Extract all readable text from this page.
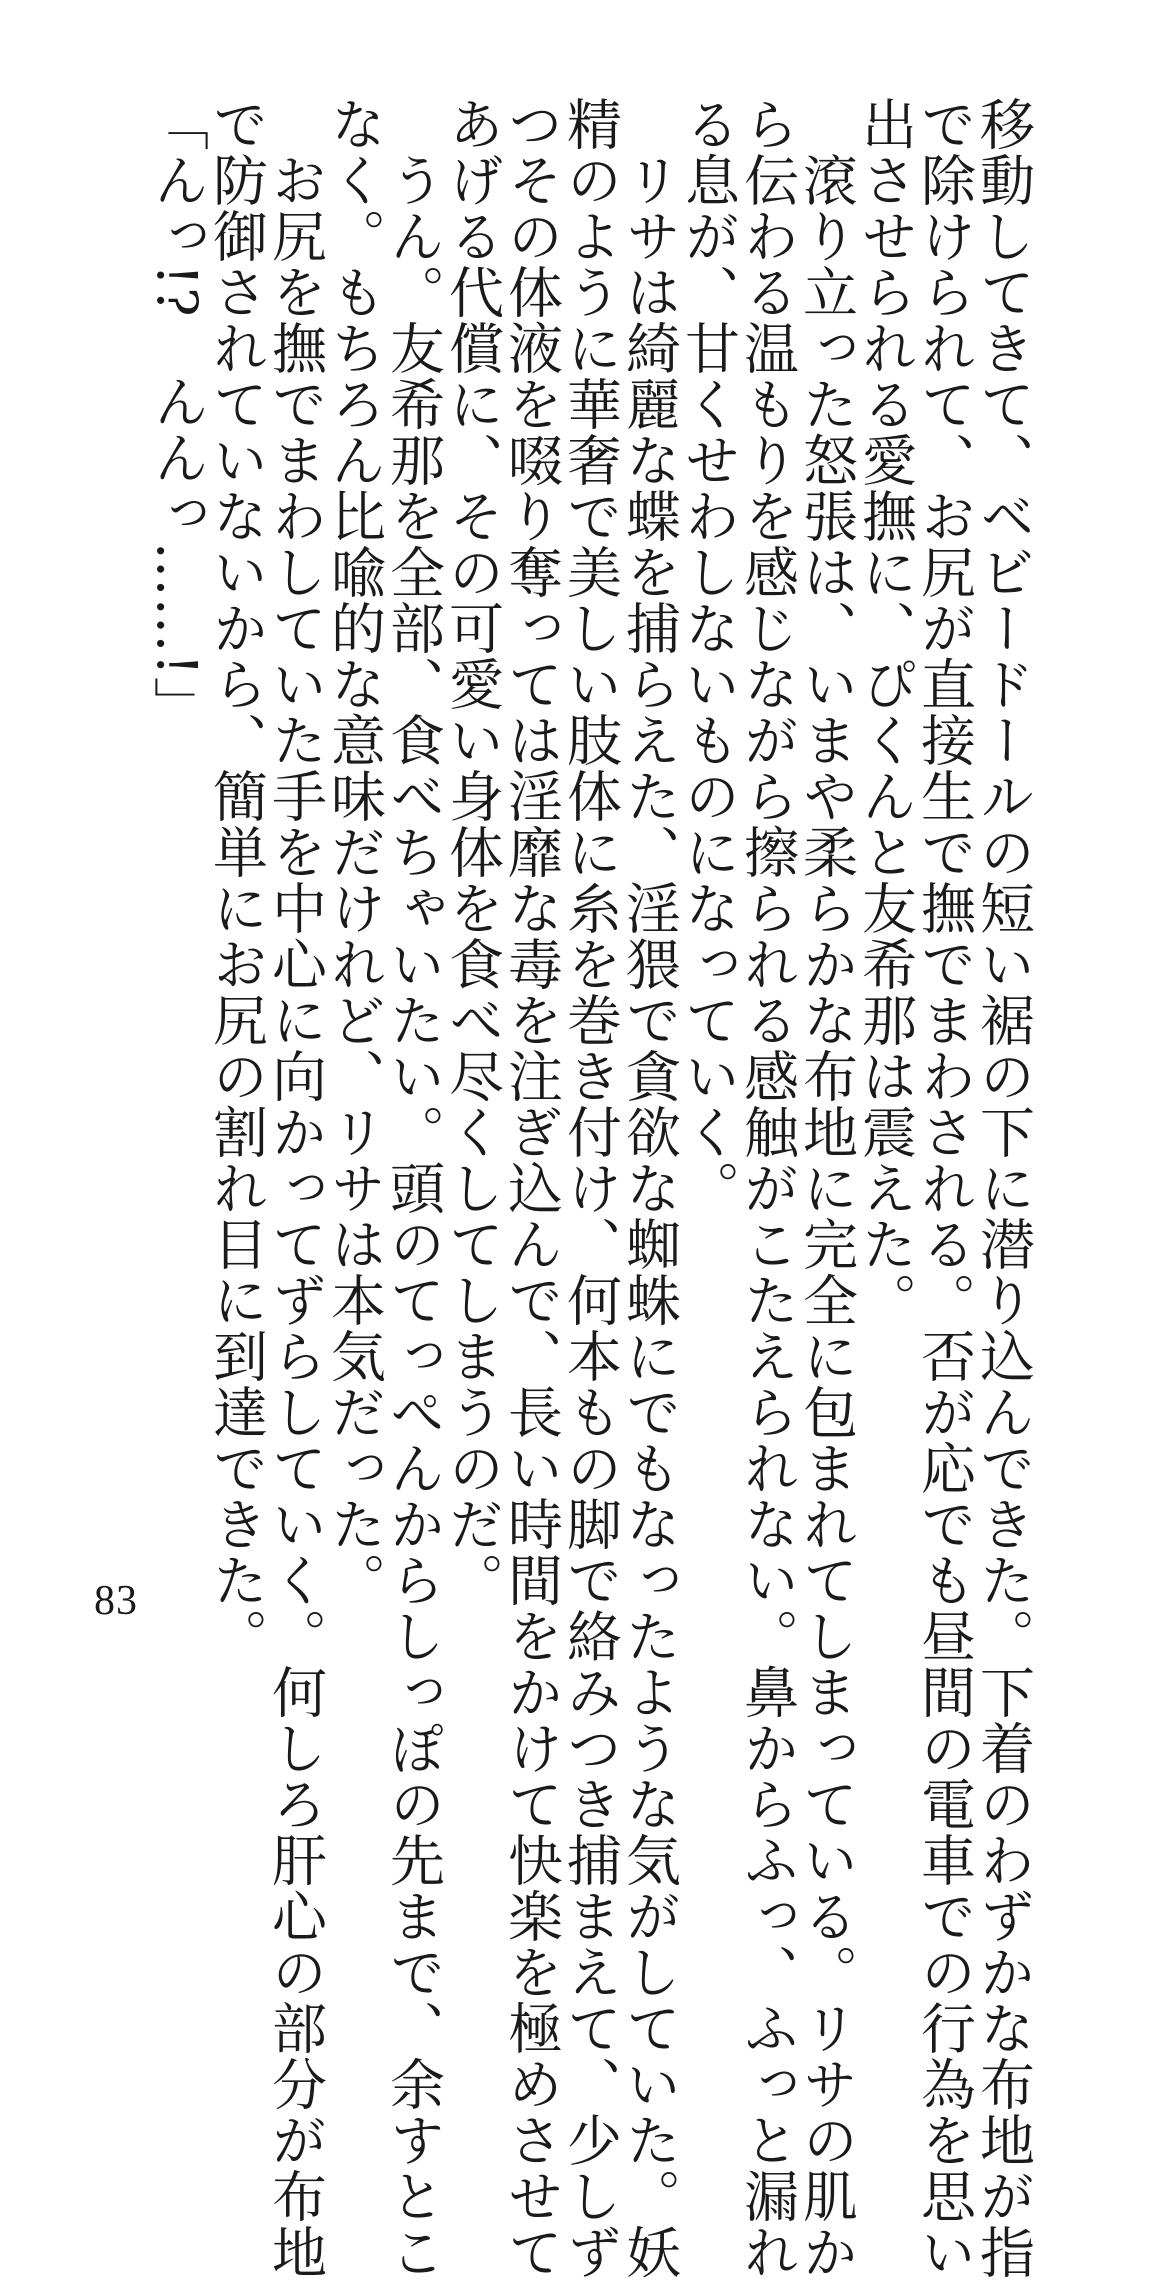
移動してきて、ベビードールの短い裾の下に潜り込んできた。下着のわずかな布地が指
で除けられて、お尻が直接生で撫でまわされる。否が応でも昼間の電車での行為を思い
出させられる愛撫に、ぴくんと友希那は震えた。
　滾り立った怒張は、いまや柔らかな布地に完全に包まれてしまっている。リサの肌か
ら伝わる温もりを感じながら擦られる感触がこたえられない。鼻からふっ、ふっと漏れ
る息が、甘くせわしないものになっていく。
　リサは綺麗な蝶を捕らえた、淫猥で貪欲な蜘蛛にでもなったような気がしていた。妖
精のように華奢で美しい肢体に糸を巻き付け、何本もの脚で絡みつき捕まえて、少しず
つその体液を啜り奪っては淫靡な毒を注ぎ込んで、長い時間をかけて快楽を極めさせて
あげる代償に、その可愛い身体を食べ尽くしてしまうのだ。
　うん。友希那を全部、食べちゃいたい。頭のてっぺんからしっぽの先まで、余すとこ
なく。もちろん比喩的な意味だけれど、リサは本気だった。
　お尻を撫でまわしていた手を中心に向かってずらしていく。何しろ肝心の部分が布地
で防御されていないから、簡単にお尻の割れ目に到達できた。
「んっ!?　んんっ……!」
83
